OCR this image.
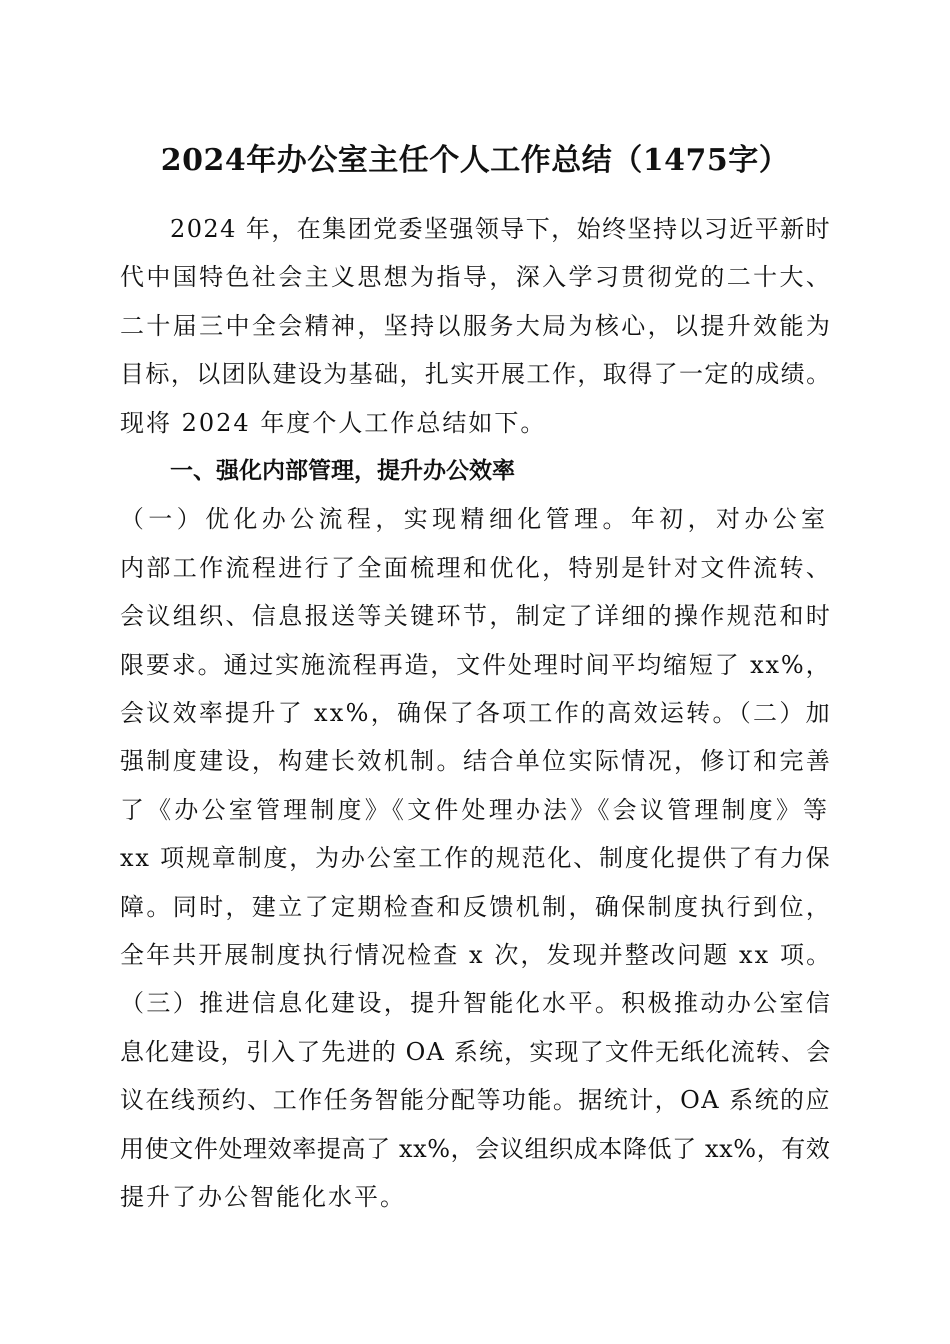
2024年办公室主任个人工作总结（1475字）
2024 年，在集团党委坚强领导下，始终坚持以习近平新时
代中国特色社会主义思想为指导，深入学习贯彻党的二十大、
二十届三中全会精神，坚持以服务大局为核心，以提升效能为
目标，以团队建设为基础，扎实开展工作，取得了一定的成绩。
现将 2024 年度个人工作总结如下。
一、强化内部管理，提升办公效率
（一）优化办公流程，实现精细化管理。年初，对办公室
内部工作流程进行了全面梳理和优化，特别是针对文件流转、
会议组织、信息报送等关键环节，制定了详细的操作规范和时
限要求。通过实施流程再造，文件处理时间平均缩短了 xx%，
会议效率提升了 xx%，确保了各项工作的高效运转。（二）加
强制度建设，构建长效机制。结合单位实际情况，修订和完善
了《办公室管理制度》《文件处理办法》《会议管理制度》等
xx 项规章制度，为办公室工作的规范化、制度化提供了有力保
障。同时，建立了定期检查和反馈机制，确保制度执行到位，
全年共开展制度执行情况检查 x 次，发现并整改问题 xx 项。
（三）推进信息化建设，提升智能化水平。积极推动办公室信
息化建设，引入了先进的 OA 系统，实现了文件无纸化流转、会
议在线预约、工作任务智能分配等功能。据统计，OA 系统的应
用使文件处理效率提高了 xx%，会议组织成本降低了 xx%，有效
提升了办公智能化水平。
